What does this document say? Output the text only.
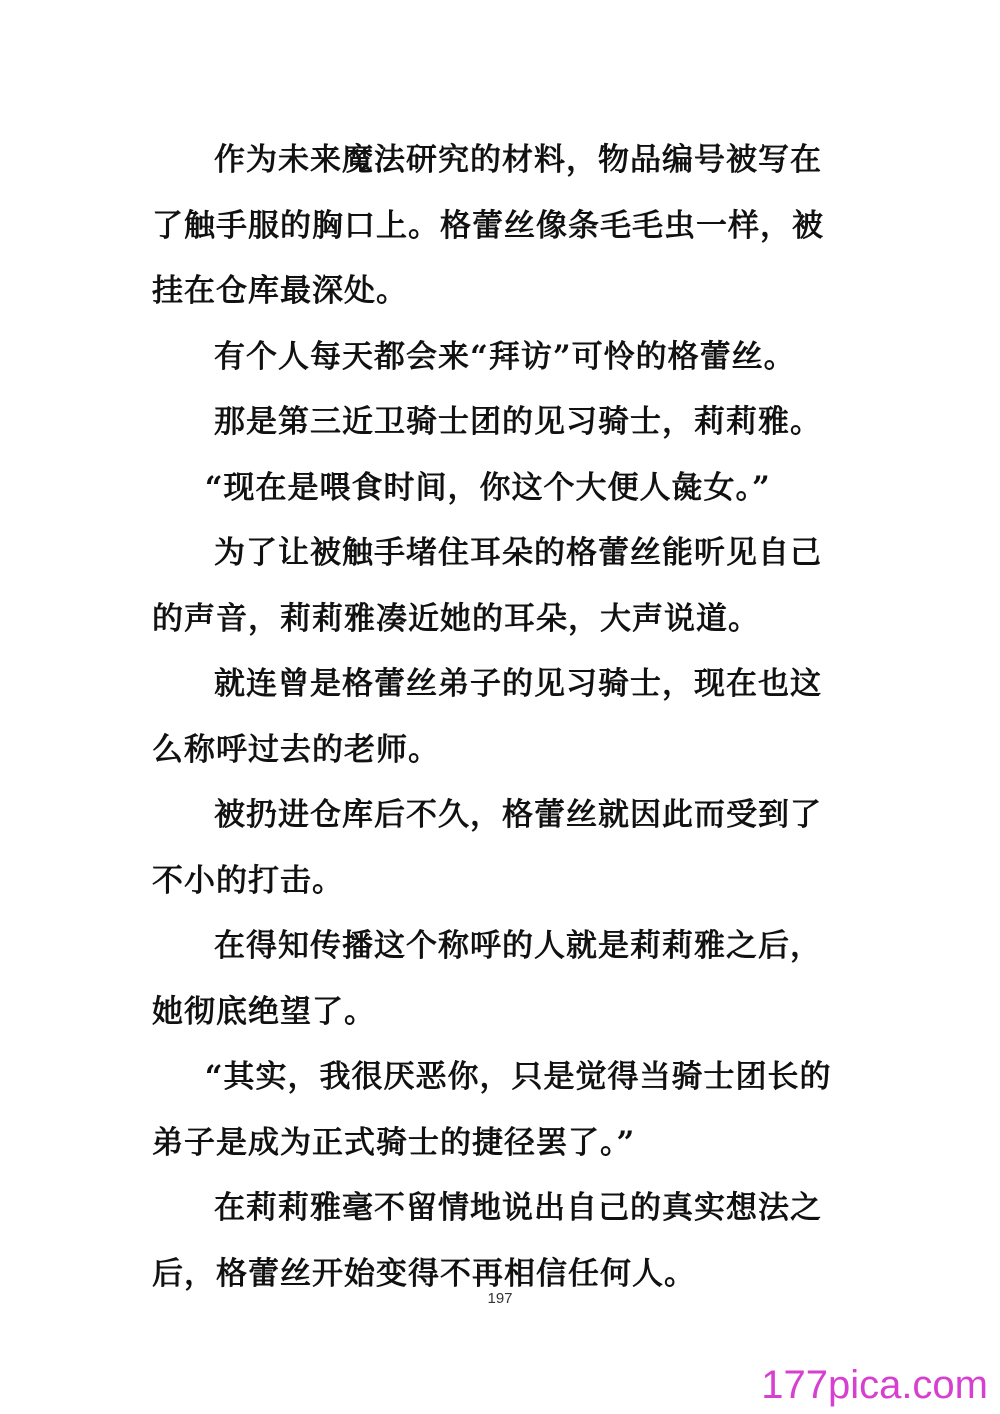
作为未来魔法研究的材料，物品编号被写在了触手服的胸口上。格蕾丝像条毛毛虫一样，被挂在仓库最深处。

有个人每天都会来“拜访”可怜的格蕾丝。

那是第三近卫骑士团的见习骑士，莉莉雅。

“现在是喂食时间，你这个大便人彘女。”

为了让被触手堵住耳朵的格蕾丝能听见自己的声音，莉莉雅凑近她的耳朵，大声说道。

就连曾是格蕾丝弟子的见习骑士，现在也这么称呼过去的老师。

被扔进仓库后不久，格蕾丝就因此而受到了不小的打击。

在得知传播这个称呼的人就是莉莉雅之后，她彻底绝望了。

“其实，我很厌恶你，只是觉得当骑士团长的弟子是成为正式骑士的捷径罢了。”

在莉莉雅毫不留情地说出自己的真实想法之后，格蕾丝开始变得不再相信任何人。

197
177pica.com
